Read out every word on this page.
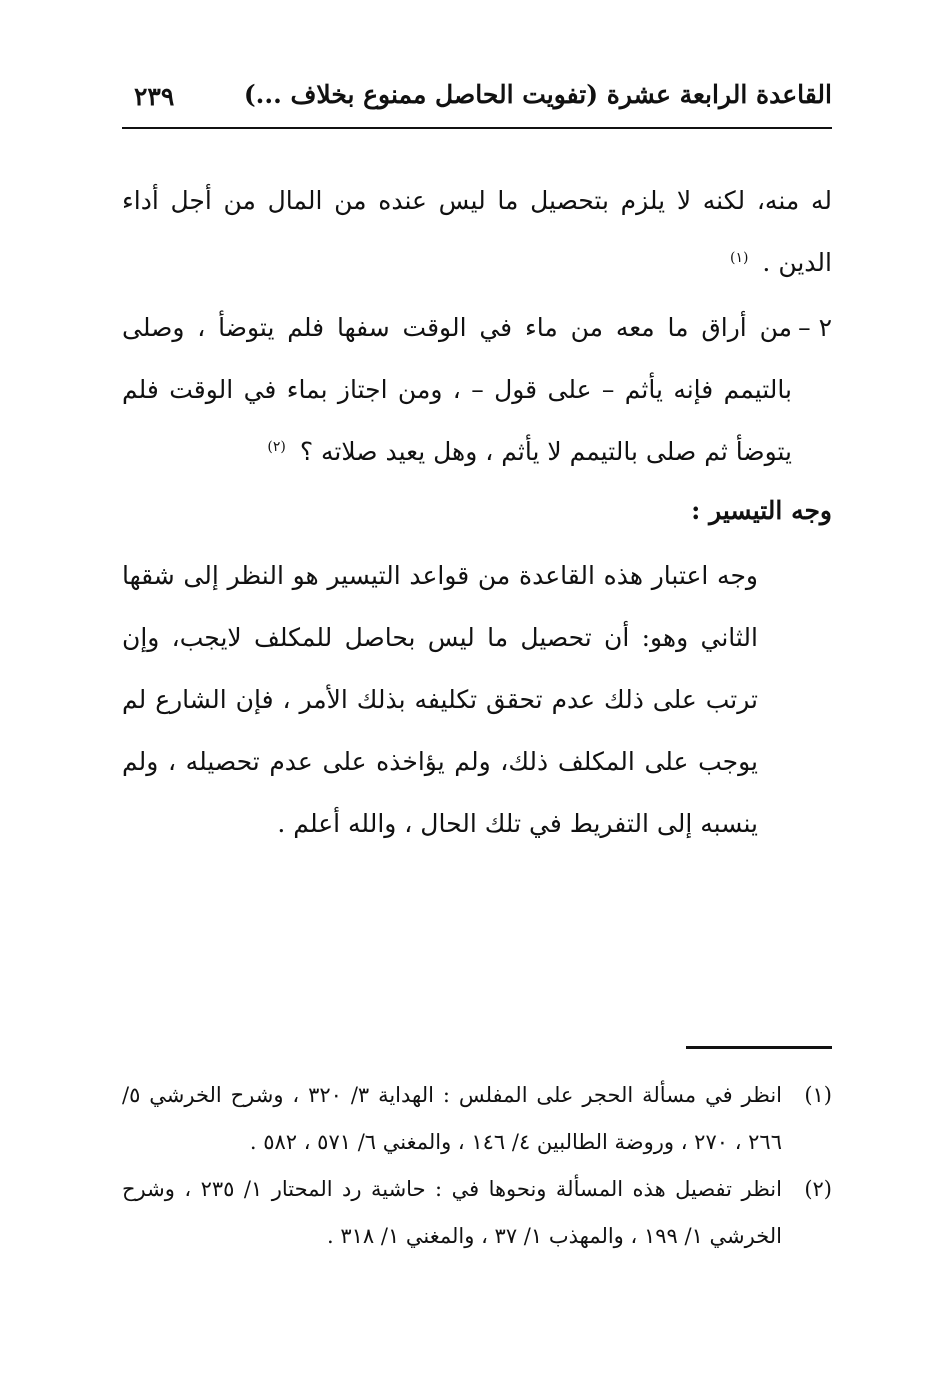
القاعدة الرابعة عشرة (تفويت الحاصل ممنوع بخلاف ...)
٢٣٩

له منه، لكنه لا يلزم بتحصيل ما ليس عنده من المال من أجل أداء الدين . $^{(١)}$

٢ –
من أراق ما معه من ماء في الوقت سفها فلم يتوضأ ، وصلى بالتيمم فإنه يأثم – على قول – ، ومن اجتاز بماء في الوقت فلم يتوضأ ثم صلى بالتيمم لا يأثم ، وهل يعيد صلاته ؟ $^{(٢)}$

وجه التيسير :

وجه اعتبار هذه القاعدة من قواعد التيسير هو النظر إلى شقها الثاني وهو: أن تحصيل ما ليس بحاصل للمكلف لايجب، وإن ترتب على ذلك عدم تحقق تكليفه بذلك الأمر ، فإن الشارع لم يوجب على المكلف ذلك، ولم يؤاخذه على عدم تحصيله ، ولم ينسبه إلى التفريط في تلك الحال ، والله أعلم .

(١)
انظر في مسألة الحجر على المفلس : الهداية ٣/ ٣٢٠ ، وشرح الخرشي ٥/ ٢٦٦ ، ٢٧٠ ، وروضة الطالبين ٤/ ١٤٦ ، والمغني ٦/ ٥٧١ ، ٥٨٢ .

(٢)
انظر تفصيل هذه المسألة ونحوها في : حاشية رد المحتار ١/ ٢٣٥ ، وشرح الخرشي ١/ ١٩٩ ، والمهذب ١/ ٣٧ ، والمغني ١/ ٣١٨ .
